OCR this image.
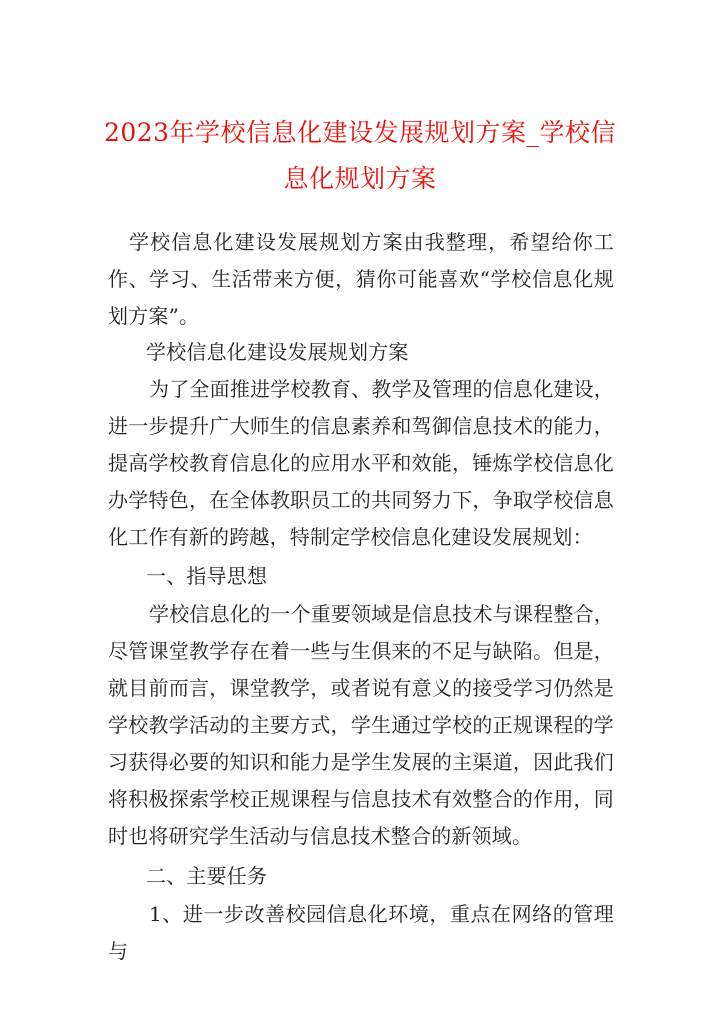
2023年学校信息化建设发展规划方案_学校信息化规划方案

学校信息化建设发展规划方案由我整理，希望给你工作、学习、生活带来方便，猜你可能喜欢“学校信息化规划方案”。

学校信息化建设发展规划方案

为了全面推进学校教育、教学及管理的信息化建设，进一步提升广大师生的信息素养和驾御信息技术的能力，提高学校教育信息化的应用水平和效能，锤炼学校信息化办学特色，在全体教职员工的共同努力下，争取学校信息化工作有新的跨越，特制定学校信息化建设发展规划：

一、指导思想

学校信息化的一个重要领域是信息技术与课程整合，尽管课堂教学存在着一些与生俱来的不足与缺陷。但是，就目前而言，课堂教学，或者说有意义的接受学习仍然是学校教学活动的主要方式，学生通过学校的正规课程的学习获得必要的知识和能力是学生发展的主渠道，因此我们将积极探索学校正规课程与信息技术有效整合的作用，同时也将研究学生活动与信息技术整合的新领域。

二、主要任务

1、进一步改善校园信息化环境，重点在网络的管理与
